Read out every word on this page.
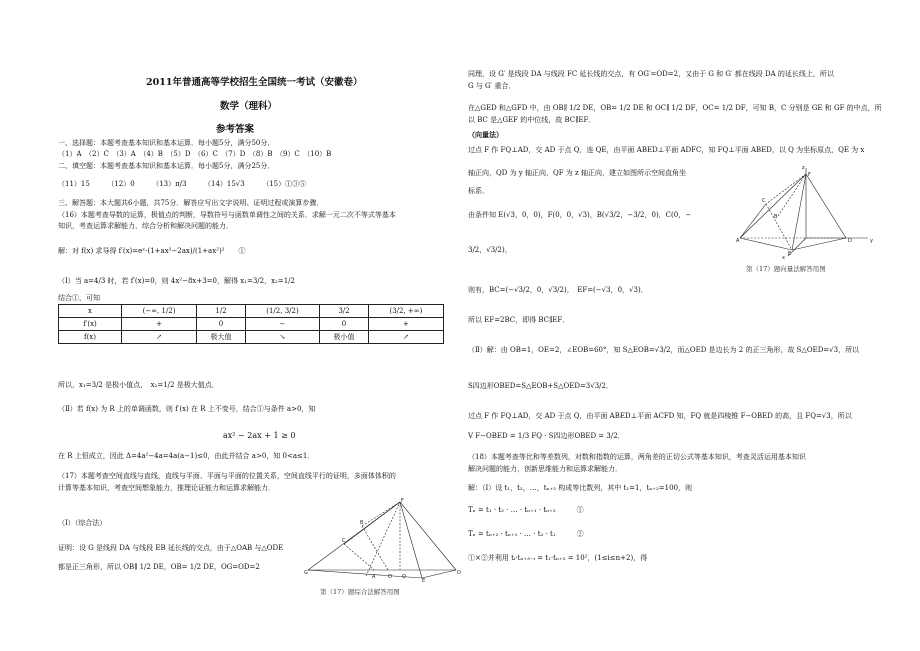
2011年普通高等学校招生全国统一考试（安徽卷）
数学（理科）
参考答案
一、选择题：本题考查基本知识和基本运算．每小题5分，满分50分．
（1）A　（2）C　（3）A　（4）B　（5）D　（6）C　（7）D　（8）B　（9）C　（10）B
二、填空题：本题考查基本知识和基本运算．每小题5分，满分25分．
（11）15　　　（12）0　　　（13）π/3　　　（14）15√3　　　（15）①③⑤
三、解答题：本大题共6小题，共75分．解答应写出文字说明、证明过程或演算步骤．
（16）本题考查导数的运算，极值点的判断，导数符号与函数单调性之间的关系．求解一元二次不等式等基本
知识，考查运算求解能力，综合分析和解决问题的能力．
解：对 f(x) 求导得 f′(x)=eˣ·(1+ax²−2ax)/(1+ax²)²　　①
（Ⅰ）当 a=4/3 时，若 f′(x)=0，则 4x²−8x+3=0，解得 x₁=3/2，x₂=1/2
结合①，可知
x	(−∞, 1/2)	1/2	(1/2, 3/2)	3/2	(3/2, +∞)
f′(x)	+	0	−	0	+
f(x)	↗	极大值	↘	极小值	↗
所以，x₁=3/2 是极小值点，　x₂=1/2 是极大值点．
（Ⅱ）若 f(x) 为 R 上的单调函数，则 f′(x) 在 R 上不变号，结合①与条件 a>0，知
ax² − 2ax + 1 ≥ 0
在 R 上恒成立，因此 Δ=4a²−4a=4a(a−1)≤0，由此并结合 a>0，知 0<a≤1．
（17）本题考查空间直线与直线，直线与平面、平面与平面的位置关系，空间直线平行的证明，多面体体积的
计算等基本知识，考查空间想象能力，推理论证能力和运算求解能力．
（Ⅰ）（综合法）
证明：设 G 是线段 DA 与线段 EB 延长线的交点，由于△OAB 与△ODE
都是正三角形，所以 OB∥ 1/2 DE，OB= 1/2 DE，OG=OD=2
G
C
B
F
A	O Q
E
D
第（17）题综合法解答用图
同理，设 G′ 是线段 DA 与线段 FC 延长线的交点，有 OG′=OD=2，又由于 G 和 G′ 都在线段 DA 的延长线上，所以
G 与 G′ 重合．
在△GED 和△GFD 中，由 OB∥ 1/2 DE，OB= 1/2 DE 和 OC∥ 1/2 DF，OC= 1/2 DF，可知 B，C 分别是 GE 和 GF 的中点，所
以 BC 是△GEF 的中位线，故 BC∥EF．
（向量法）
过点 F 作 FQ⊥AD，交 AD 于点 Q，连 QE，由平面 ABED⊥平面 ADFC，知 FQ⊥平面 ABED，以 Q 为坐标原点，QE 为 x
轴正向，QD 为 y 轴正向，QF 为 z 轴正向，建立如图所示空间直角坐
标系．
由条件知 E(√3，0，0)，F(0，0，√3)，B(√3/2，−3/2，0)，C(0，−
3/2，√3/2)，
z
F
C
B
A	D	y
E
x
第（17）题向量法解答用图
则有，BC=(−√3/2，0，√3/2)，　EF=(−√3，0，√3)．
所以 EF=2BC，即得 BC∥EF．
（Ⅱ）解：由 OB=1，OE=2，∠EOB=60°，知 S△EOB=√3/2，而△OED 是边长为 2 的正三角形，故 S△OED=√3，所以
S四边形OBED=S△EOB+S△OED=3√3/2．
过点 F 作 FQ⊥AD，交 AD 于点 Q，由平面 ABED⊥平面 ACFD 知，FQ 就是四棱锥 F−OBED 的高，且 FQ=√3，所以
V F−OBED = 1/3 FQ · S四边形OBED = 3/2．
（18）本题考查等比和等差数列，对数和指数的运算，两角差的正切公式等基本知识，考查灵活运用基本知识
解决问题的能力，创新思维能力和运算求解能力．
解：（Ⅰ）设 t₁，t₂，…，tₙ₊₂ 构成等比数列，其中 t₁=1，tₙ₊₂=100，则
Tₙ = t₁ · t₂ · … · tₙ₊₁ · tₙ₊₂　　　①
Tₙ = tₙ₊₂ · tₙ₊₁ · … · t₂ · t₁　　　②
①×②并利用 tᵢ·tₙ₊₃₋ᵢ = t₁·tₙ₊₂ = 10²，(1≤i≤n+2)，得
